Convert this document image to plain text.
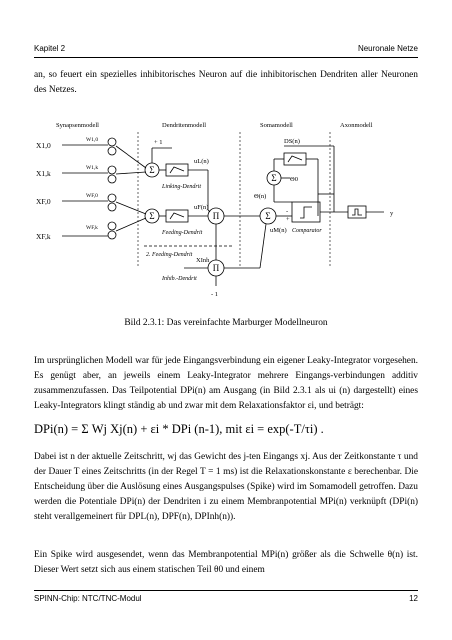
Kapitel 2	Neuronale Netze
an, so feuert ein spezielles inhibitorisches Neuron auf die inhibitorischen Dendriten aller Neuronen des Netzes.
Synapsenmodell	Dendritenmodell	Somamodell	Axonmodell
X1,0
X1,k
XF,0
XF,k
W1,0
W1,k
WF,0
WF,k
Σ
Σ	Π	Σ
Σ
Π
+ 1
uL(n)
uF(n)
uM(n)
DS(n)
Θ0
Θ(n)
y
- 1
XInh
-
+
Linking-Dendrit
Feeding-Dendrit
2. Feeding-Dendrit
Inhib.-Dendrit
Comparator
Bild 2.3.1: Das vereinfachte Marburger Modellneuron
Im ursprünglichen Modell war für jede Eingangsverbindung ein eigener Leaky-Integrator vorgesehen. Es genügt aber, an jeweils einem Leaky-Integrator mehrere Eingangs-verbindungen additiv zusammenzufassen. Das Teilpotential DPi(n) am Ausgang (in Bild 2.3.1 als ui (n) dargestellt) eines Leaky-Integrators klingt ständig ab und zwar mit dem Relaxationsfaktor εi, und beträgt:
DPi(n) = Σ Wj Xj(n) + εi * DPi (n-1), mit εi = exp(-T/τi) .
Dabei ist n der aktuelle Zeitschritt, wj das Gewicht des j-ten Eingangs xj. Aus der Zeitkonstante τ und der Dauer T eines Zeitschritts (in der Regel T = 1 ms) ist die Relaxationskonstante ε berechenbar. Die Entscheidung über die Auslösung eines Ausgangspulses (Spike) wird im Somamodell getroffen. Dazu werden die Potentiale DPi(n) der Dendriten i zu einem Membranpotential MPi(n) verknüpft (DPi(n) steht verallgemeinert für DPL(n), DPF(n), DPInh(n)).
Ein Spike wird ausgesendet, wenn das Membranpotential MPi(n) größer als die Schwelle θ(n) ist. Dieser Wert setzt sich aus einem statischen Teil θ0 und einem
SPINN-Chip: NTC/TNC-Modul	12
